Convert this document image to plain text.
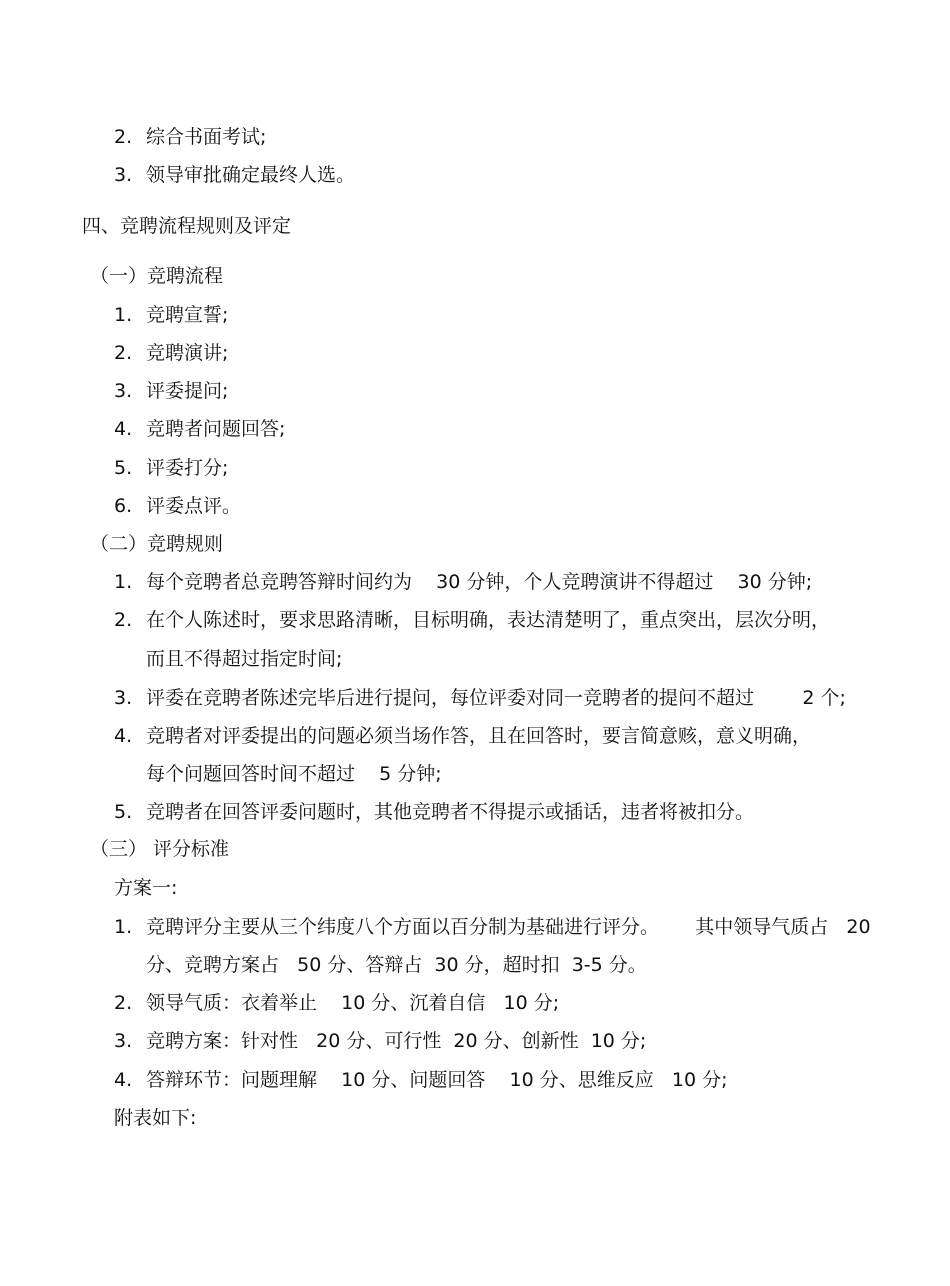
2. 综合书面考试;
3. 领导审批确定最终人选。
四、竞聘流程规则及评定
（一）竞聘流程
1. 竞聘宣誓;
2. 竞聘演讲;
3. 评委提问;
4. 竞聘者问题回答;
5. 评委打分;
6. 评委点评。
（二）竞聘规则
1. 每个竞聘者总竞聘答辩时间约为    30 分钟，个人竞聘演讲不得超过    30 分钟;
2. 在个人陈述时，要求思路清晰，目标明确，表达清楚明了，重点突出，层次分明，
而且不得超过指定时间;
3. 评委在竞聘者陈述完毕后进行提问，每位评委对同一竞聘者的提问不超过        2 个;
4. 竞聘者对评委提出的问题必须当场作答，且在回答时，要言简意赅，意义明确，
每个问题回答时间不超过    5 分钟;
5. 竞聘者在回答评委问题时，其他竞聘者不得提示或插话，违者将被扣分。
（三） 评分标准
方案一:
1. 竞聘评分主要从三个纬度八个方面以百分制为基础进行评分。      其中领导气质占   20
分、竞聘方案占   50 分、答辩占  30 分，超时扣  3-5 分。
2. 领导气质：衣着举止    10 分、沉着自信   10 分;
3. 竞聘方案：针对性   20 分、可行性  20 分、创新性  10 分;
4. 答辩环节：问题理解    10 分、问题回答    10 分、思维反应   10 分;
附表如下:
